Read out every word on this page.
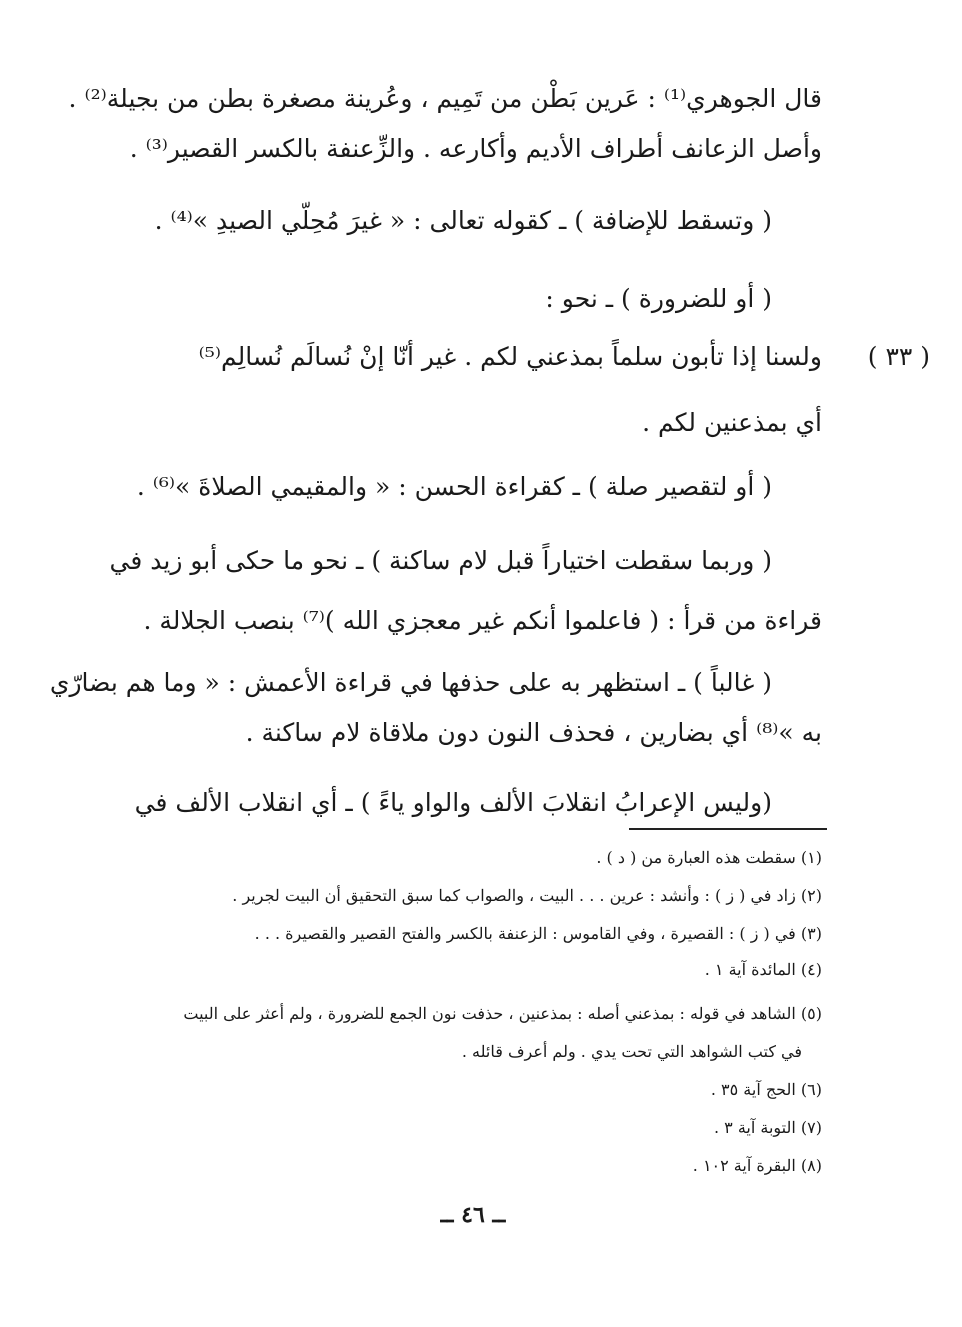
قال الجوهري⁽¹⁾ : عَرين بَطْن من تَمِيم ، وعُرينة مصغرة بطن من بجيلة⁽²⁾ .
وأصل الزعانف أطراف الأديم وأكارعه . والزِّعنفة بالكسر القصير⁽³⁾ .
( وتسقط للإضافة ) ـ كقوله تعالى : « غيرَ مُحِلّي الصيدِ »⁽⁴⁾ .
( أو للضرورة ) ـ نحو :
( ٣٣ )
ولسنا إذا تأبون سلماً بمذعني لكم . غير أنّا إنْ نُسالَم نُسالِم⁽⁵⁾
أي بمذعنين لكم .
( أو لتقصير صلة ) ـ كقراءة الحسن : « والمقيمي الصلاةَ »⁽⁶⁾ .
( وربما سقطت اختياراً قبل لام ساكنة ) ـ نحو ما حكى أبو زيد في
قراءة من قرأ : ( فاعلموا أنكم غير معجزي الله )⁽⁷⁾ بنصب الجلالة .
( غالباً ) ـ استظهر به على حذفها في قراءة الأعمش : « وما هم بضارّي
به »⁽⁸⁾ أي بضارين ، فحذف النون دون ملاقاة لام ساكنة .
(وليس الإعرابُ انقلابَ الألف والواو ياءً ) ـ أي انقلاب الألف في
(١) سقطت هذه العبارة من ( د ) .
(٢) زاد في ( ز ) : وأنشد : عرين . . . البيت ، والصواب كما سبق التحقيق أن البيت لجرير .
(٣) في ( ز ) : القصيرة ، وفي القاموس : الزعنفة بالكسر والفتح القصير والقصيرة . . .
(٤) المائدة آية ١ .
(٥) الشاهد في قوله : بمذعني أصله : بمذعنين ، حذفت نون الجمع للضرورة ، ولم أعثر على البيت
في كتب الشواهد التي تحت يدي . ولم أعرف قائله .
(٦) الحج آية ٣٥ .
(٧) التوبة آية ٣ .
(٨) البقرة آية ١٠٢ .
ــ ٤٦ ــ
